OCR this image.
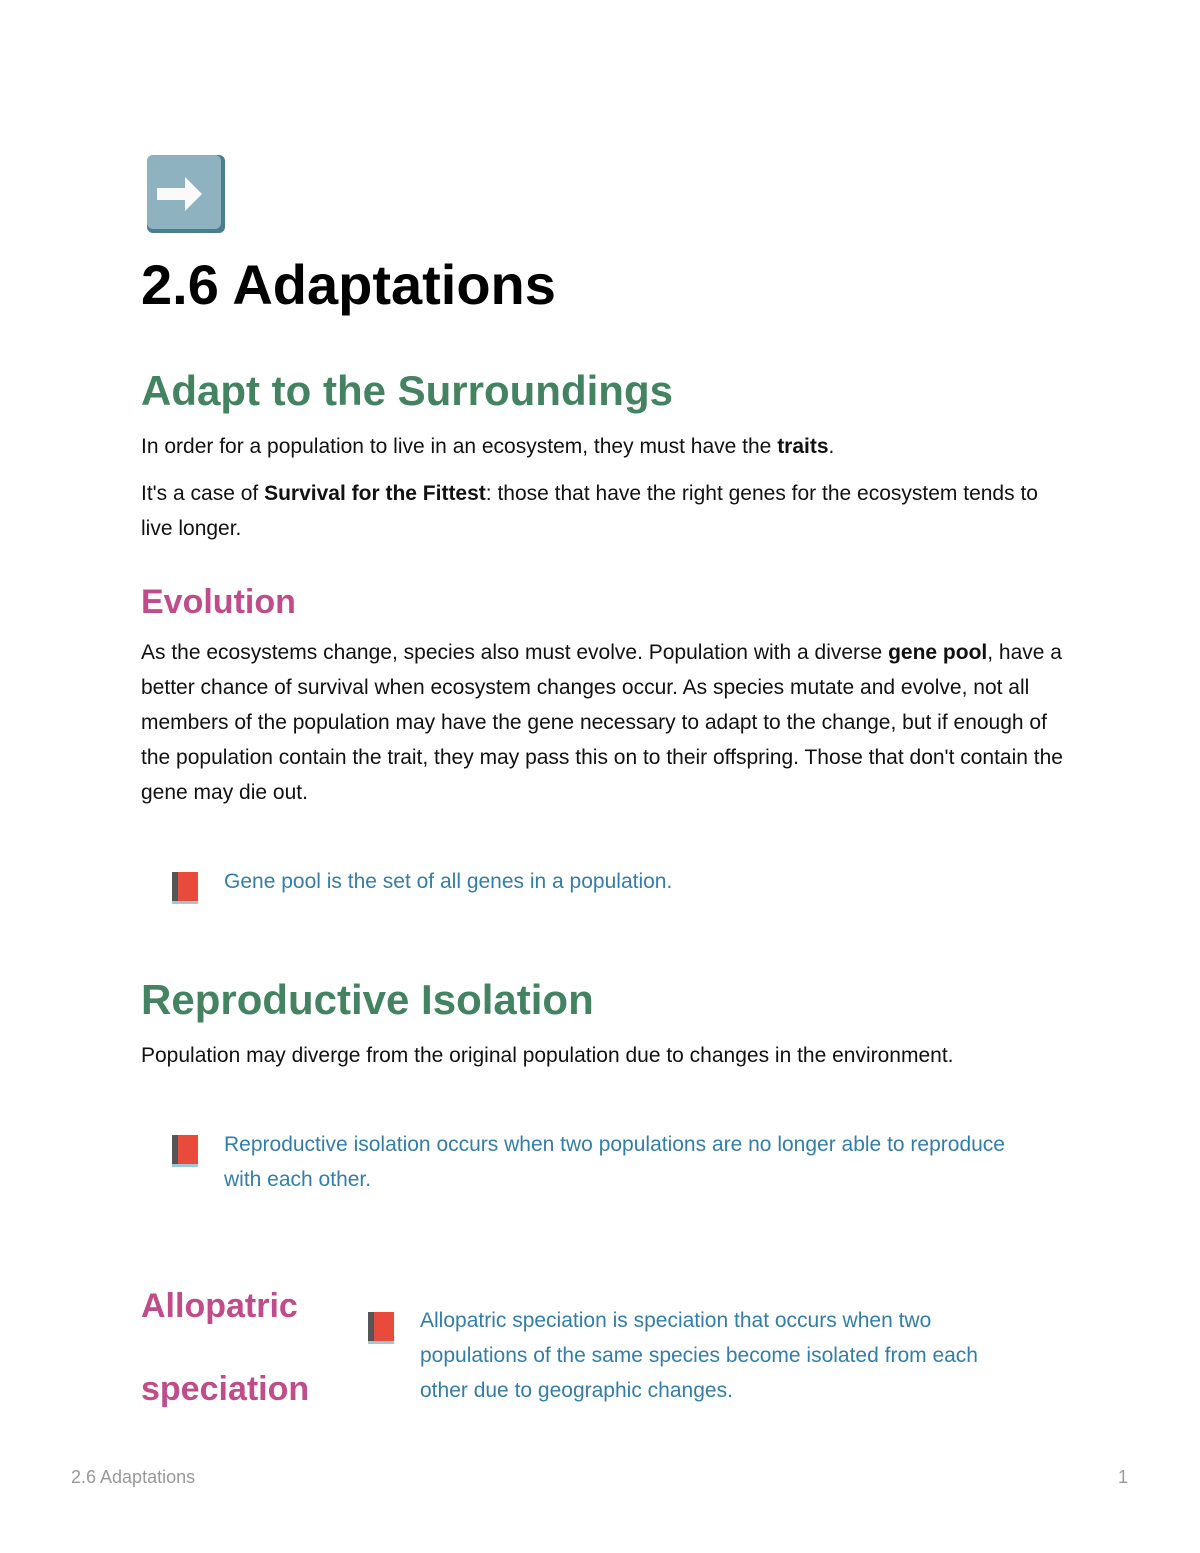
2.6 Adaptations
Adapt to the Surroundings

In order for a population to live in an ecosystem, they must have the traits.

It's a case of Survival for the Fittest: those that have the right genes for the ecosystem tends to live longer.

Evolution

As the ecosystems change, species also must evolve. Population with a diverse gene pool, have a better chance of survival when ecosystem changes occur. As species mutate and evolve, not all members of the population may have the gene necessary to adapt to the change, but if enough of the population contain the trait, they may pass this on to their offspring. Those that don't contain the gene may die out.

Gene pool is the set of all genes in a population.
Reproductive Isolation

Population may diverge from the original population due to changes in the environment.

Reproductive isolation occurs when two populations are no longer able to reproduce with each other.
Allopatric
speciation
Allopatric speciation is speciation that occurs when two populations of the same species become isolated from each other due to geographic changes.
2.6 Adaptations	1
